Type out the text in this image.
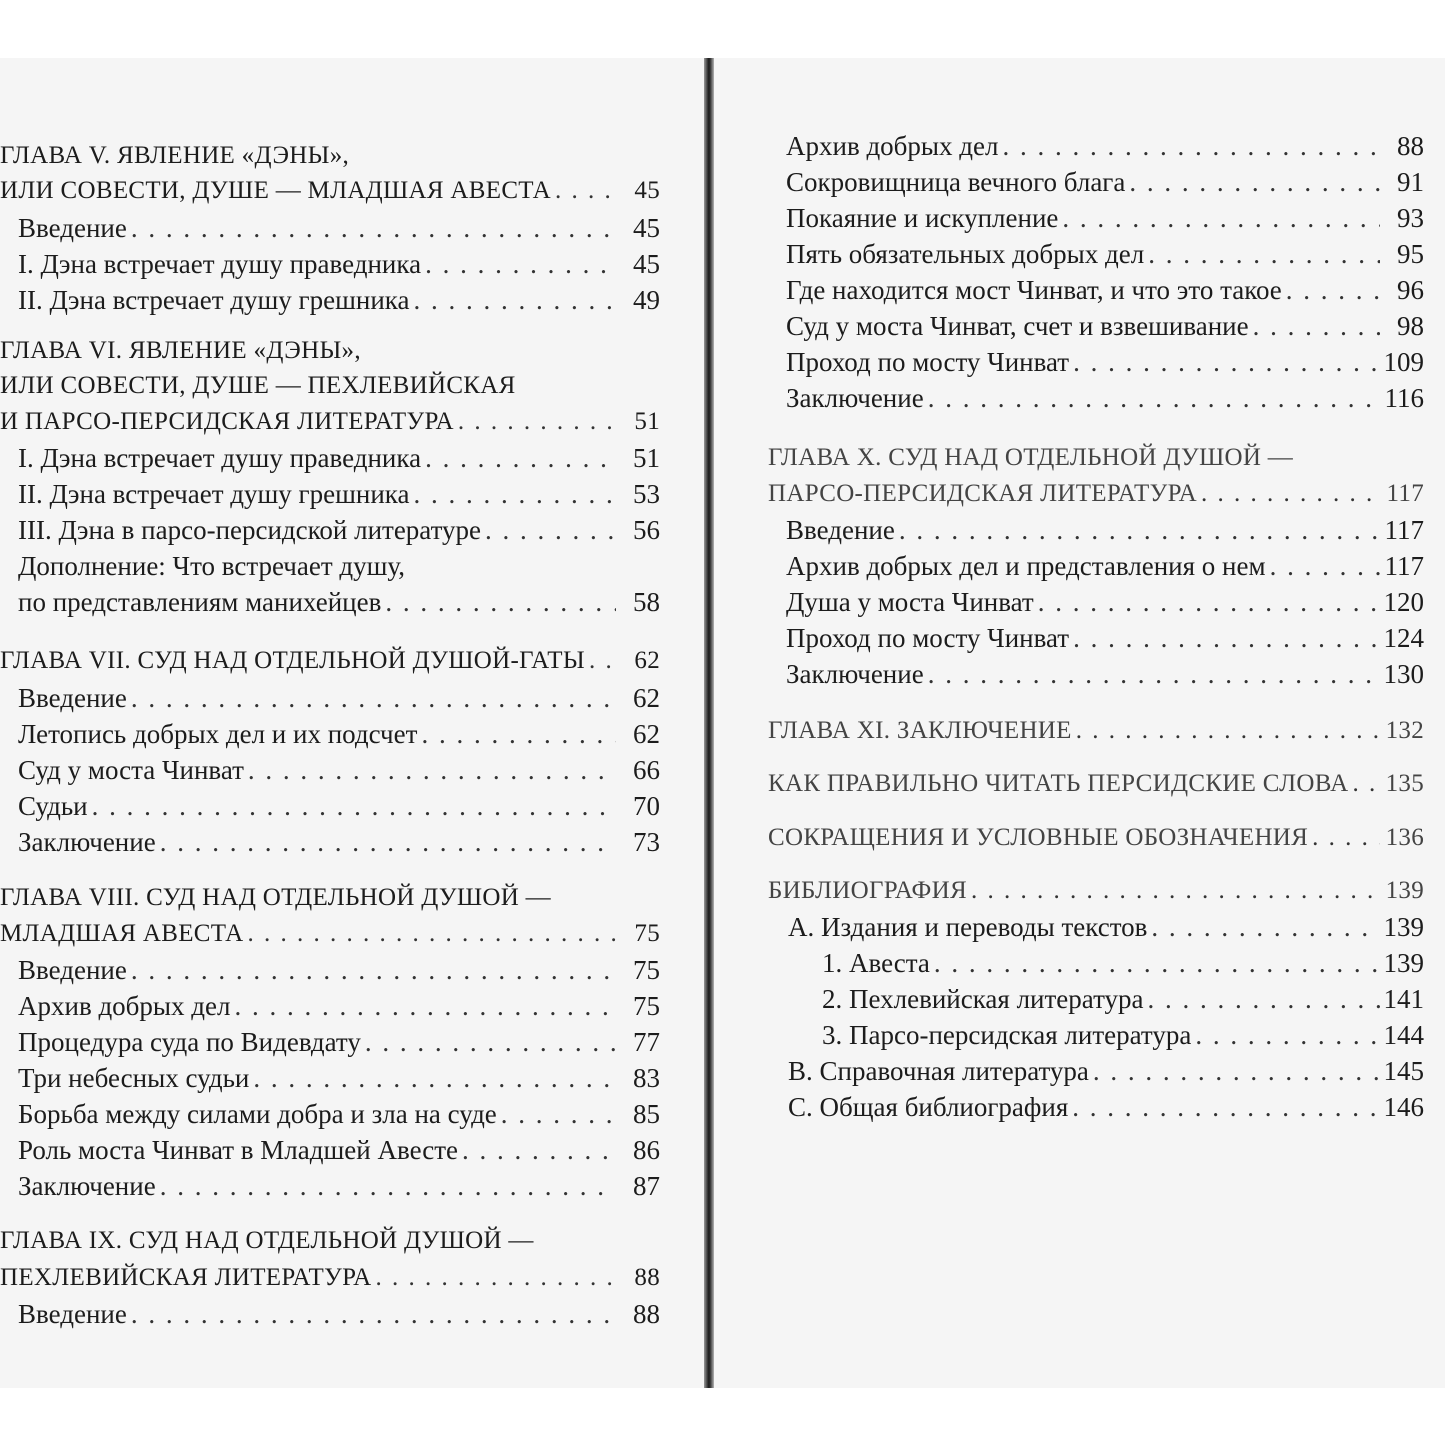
ГЛАВА V. ЯВЛЕНИЕ «ДЭНЫ»,
ИЛИ СОВЕСТИ, ДУШЕ — МЛАДШАЯ АВЕСТА . . .	45
Введение . . .	45
I. Дэна встречает душу праведника . . .	45
II. Дэна встречает душу грешника . . .	49
ГЛАВА VI. ЯВЛЕНИЕ «ДЭНЫ»,
ИЛИ СОВЕСТИ, ДУШЕ — ПЕХЛЕВИЙСКАЯ
И ПАРСО-ПЕРСИДСКАЯ ЛИТЕРАТУРА . . .	51
I. Дэна встречает душу праведника . . .	51
II. Дэна встречает душу грешника . . .	53
III. Дэна в парсо-персидской литературе . . .	56
Дополнение: Что встречает душу,
по представлениям манихейцев . . .	58
ГЛАВА VII. СУД НАД ОТДЕЛЬНОЙ ДУШОЙ-ГАТЫ . . .	62
Введение . . .	62
Летопись добрых дел и их подсчет . . .	62
Суд у моста Чинват . . .	66
Судьи . . .	70
Заключение . . .	73
ГЛАВА VIII. СУД НАД ОТДЕЛЬНОЙ ДУШОЙ —
МЛАДШАЯ АВЕСТА . . .	75
Введение . . .	75
Архив добрых дел . . .	75
Процедура суда по Видевдату . . .	77
Три небесных судьи . . .	83
Борьба между силами добра и зла на суде . . .	85
Роль моста Чинват в Младшей Авесте . . .	86
Заключение . . .	87
ГЛАВА IX. СУД НАД ОТДЕЛЬНОЙ ДУШОЙ —
ПЕХЛЕВИЙСКАЯ ЛИТЕРАТУРА . . .	88
Введение . . .	88
Архив добрых дел . . .	88
Сокровищница вечного блага . . .	91
Покаяние и искупление . . .	93
Пять обязательных добрых дел . . .	95
Где находится мост Чинват, и что это такое . . .	96
Суд у моста Чинват, счет и взвешивание . . .	98
Проход по мосту Чинват . . .	109
Заключение . . .	116
ГЛАВА X. СУД НАД ОТДЕЛЬНОЙ ДУШОЙ —
ПАРСО-ПЕРСИДСКАЯ ЛИТЕРАТУРА . . .	117
Введение . . .	117
Архив добрых дел и представления о нем . . .	117
Душа у моста Чинват . . .	120
Проход по мосту Чинват . . .	124
Заключение . . .	130
ГЛАВА XI. ЗАКЛЮЧЕНИЕ . . .	132
КАК ПРАВИЛЬНО ЧИТАТЬ ПЕРСИДСКИЕ СЛОВА . . . 135
СОКРАЩЕНИЯ И УСЛОВНЫЕ ОБОЗНАЧЕНИЯ . . .	136
БИБЛИОГРАФИЯ . . .	139
A. Издания и переводы текстов . . .	139
1. Авеста . . .	139
2. Пехлевийская литература . . .	141
3. Парсо-персидская литература . . .	144
B. Справочная литература . . .	145
C. Общая библиография . . .	146
